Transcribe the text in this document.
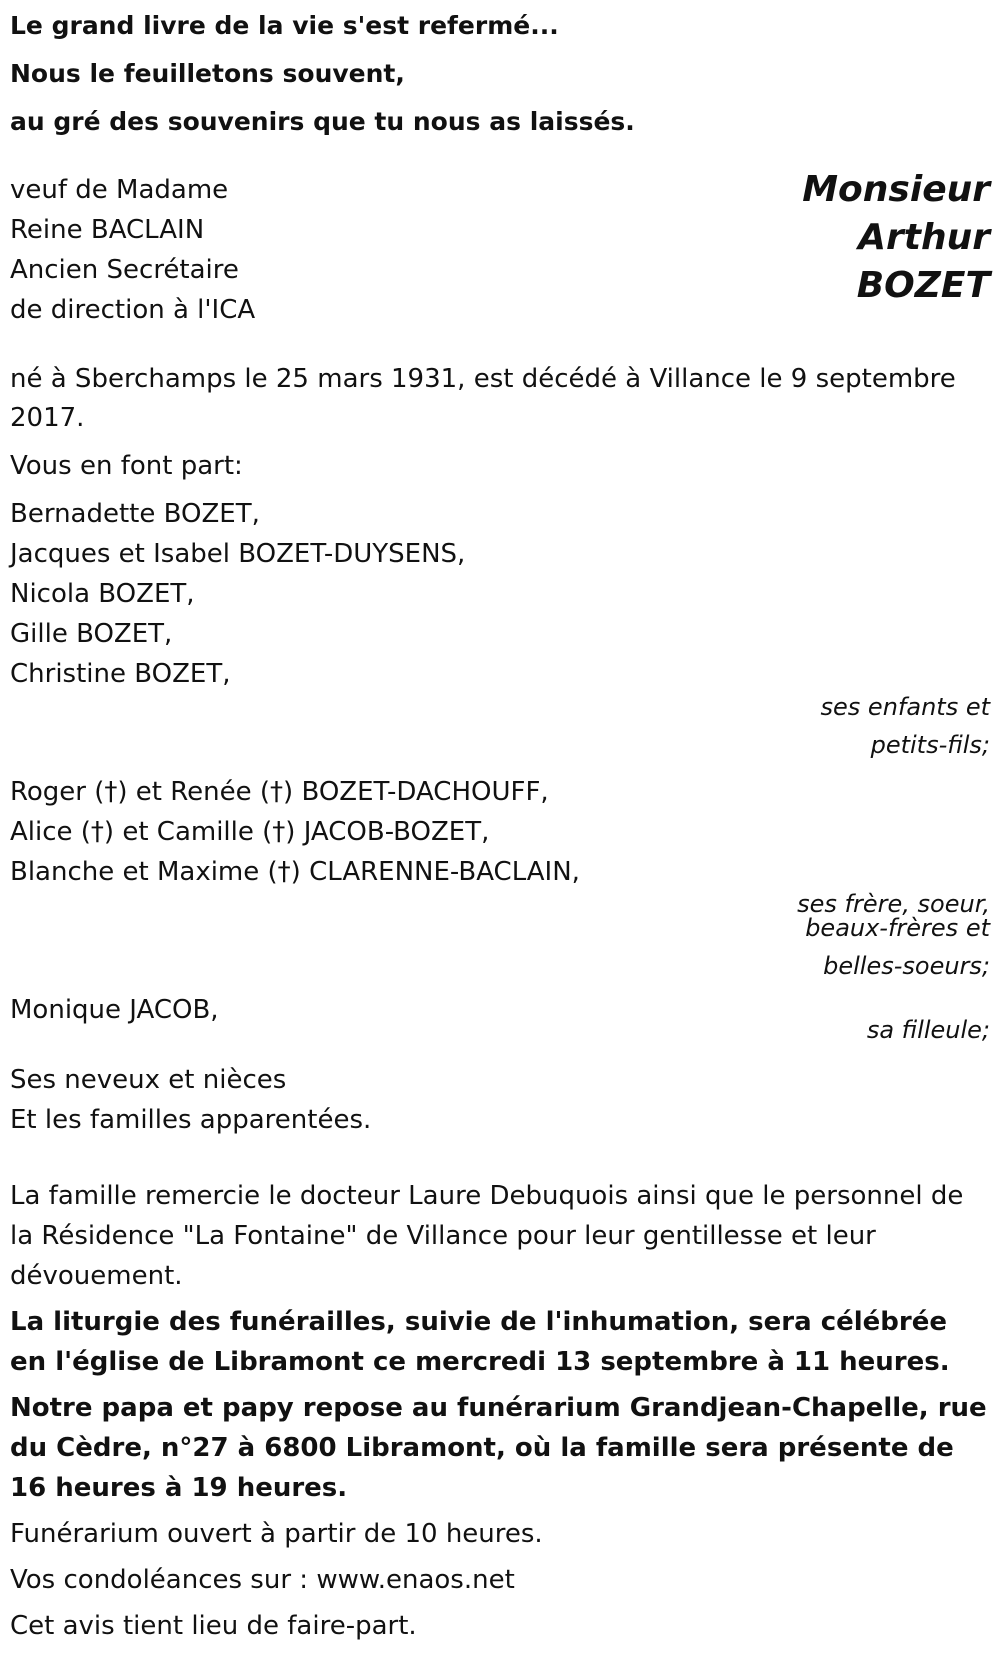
Le grand livre de la vie s'est refermé...
Nous le feuilletons souvent,
au gré des souvenirs que tu nous as laissés.
veuf de Madame
Reine BACLAIN
Ancien Secrétaire
de direction à l'ICA
Monsieur
Arthur
BOZET
né à Sberchamps le 25 mars 1931, est décédé à Villance le 9 septembre 2017.
Vous en font part:
Bernadette BOZET,
Jacques et Isabel BOZET-DUYSENS,
Nicola BOZET,
Gille BOZET,
Christine BOZET,
ses enfants et
petits-fils;
Roger (†) et Renée (†) BOZET-DACHOUFF,
Alice (†) et Camille (†) JACOB-BOZET,
Blanche et Maxime (†) CLARENNE-BACLAIN,
ses frère, soeur,
beaux-frères et
belles-soeurs;
Monique JACOB,
sa filleule;
Ses neveux et nièces
Et les familles apparentées.
La famille remercie le docteur Laure Debuquois ainsi que le personnel de la Résidence "La Fontaine" de Villance pour leur gentillesse et leur dévouement.
La liturgie des funérailles, suivie de l'inhumation, sera célébrée en l'église de Libramont ce mercredi 13 septembre à 11 heures.
Notre papa et papy repose au funérarium Grandjean-Chapelle, rue du Cèdre, n°27 à 6800 Libramont, où la famille sera présente de 16 heures à 19 heures.
Funérarium ouvert à partir de 10 heures.
Vos condoléances sur : www.enaos.net
Cet avis tient lieu de faire-part.
